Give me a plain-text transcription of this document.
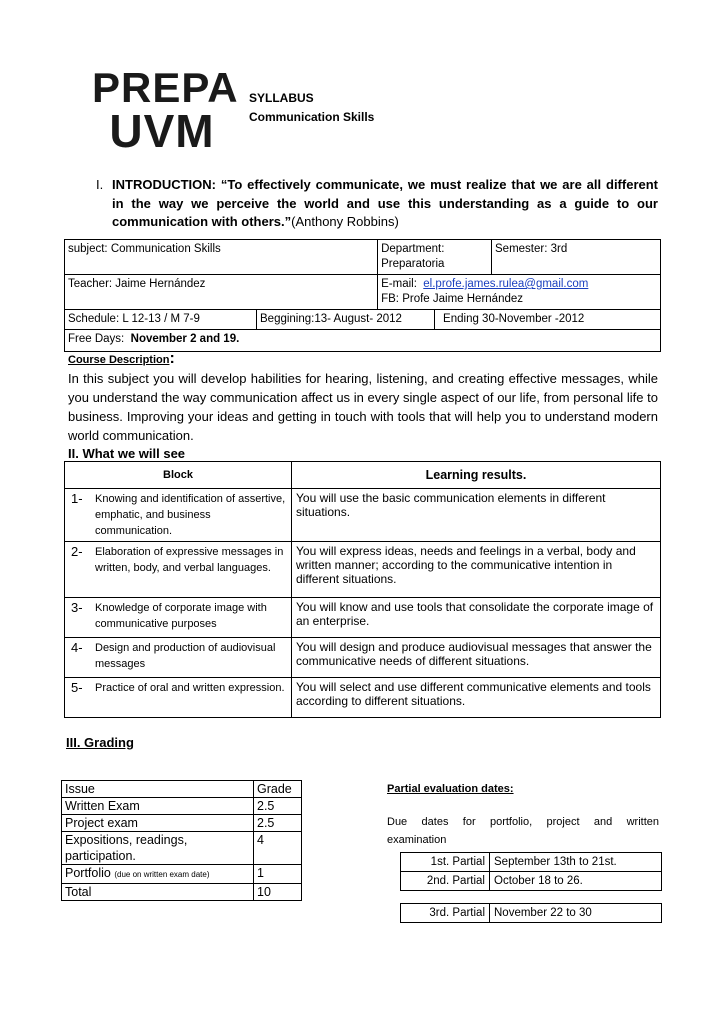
PREPA
UVM
SYLLABUS
Communication Skills
I. INTRODUCTION: “To effectively communicate, we must realize that we are all different in the way we perceive the world and use this understanding as a guide to our communication with others.”(Anthony Robbins)
subject: Communication Skills		Department: Preparatoria		Semester: 3rd
Teacher: Jaime Hernández		E-mail: el.profe.james.rulea@gmail.com
FB: Profe Jaime Hernández		

Schedule: L 12-13 / M 7-9	Beggining:13- August- 2012		Ending 30-November -2012	
Free Days: November 2 and 19.				
Course Description:
In this subject you will develop habilities for hearing, listening, and creating effective messages, while you understand the way communication affect us in every single aspect of our life, from personal life to business. Improving your ideas and getting in touch with tools that will help you to understand modern world communication.
II. What we will see
Block	Learning results.

1- Knowing and identification of assertive, emphatic, and business communication.	You will use the basic communication elements in different situations.

2- Elaboration of expressive messages in written, body, and verbal languages.	You will express ideas, needs and feelings in a verbal, body and written manner; according to the communicative intention in different situations.

3- Knowledge of corporate image with communicative purposes	You will know and use tools that consolidate the corporate image of an enterprise.

4- Design and production of audiovisual messages	You will design and produce audiovisual messages that answer the communicative needs of different situations.

5- Practice of oral and written expression.	You will select and use different communicative elements and tools according to different situations.
III. Grading
Issue	Grade
Written Exam	2.5
Project exam	2.5
Expositions, readings, participation.	4
Portfolio (due on written exam date)	1
Total	10
Partial evaluation dates:
Due dates for portfolio, project and written
examination
1st. Partial	September 13th to 21st.
2nd. Partial	October 18 to 26.

3rd. Partial	November 22 to 30
